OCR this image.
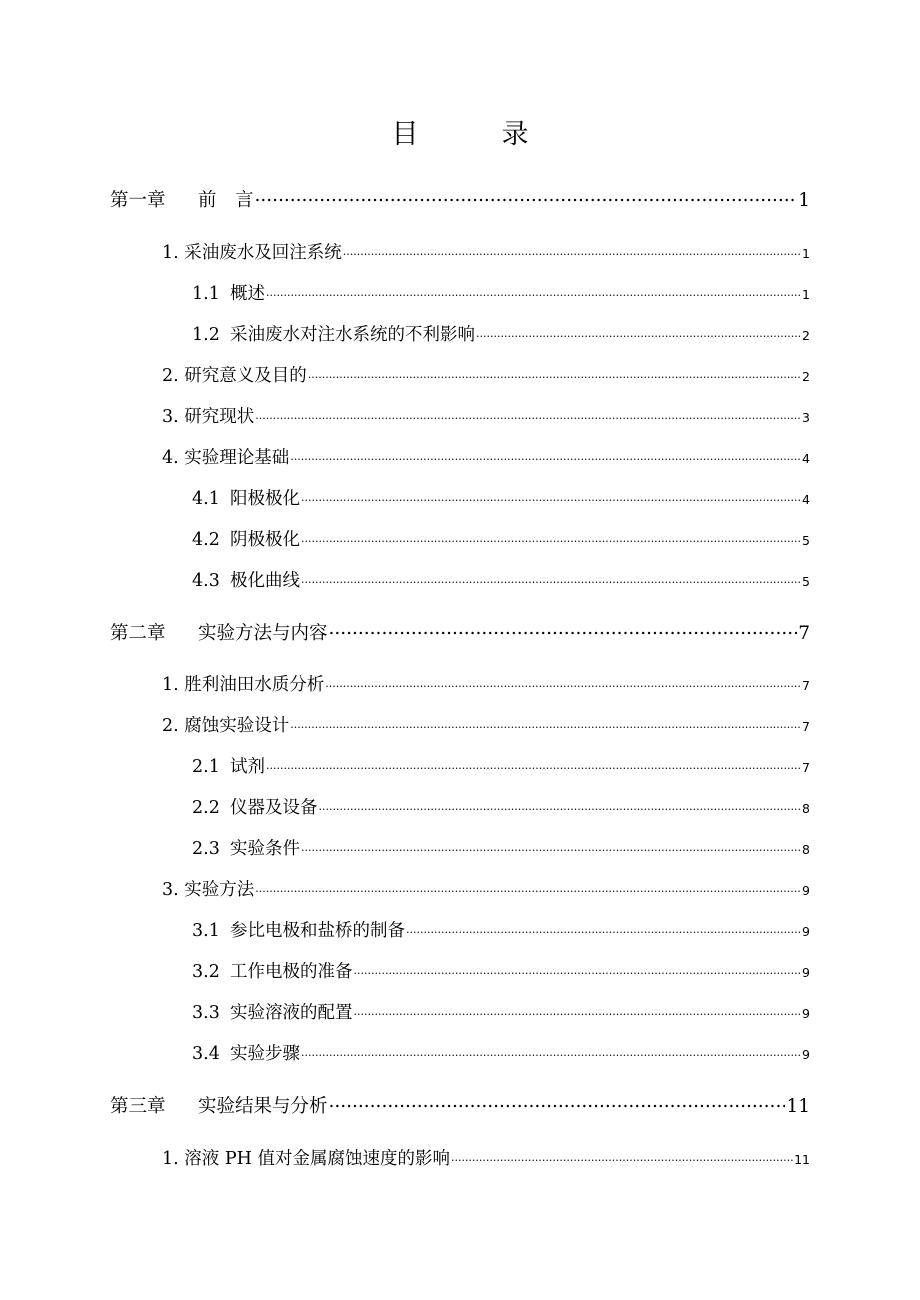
目　录
第一章 前　言 .....	1
1. 采油废水及回注系统 .....	1
1.1 概述 .....	1
1.2 采油废水对注水系统的不利影响 .....	2
2. 研究意义及目的 .....	2
3. 研究现状 .....	3
4. 实验理论基础 .....	4
4.1 阳极极化 .....	4
4.2 阴极极化 .....	5
4.3 极化曲线 .....	5
第二章 实验方法与内容 .....	7
1. 胜利油田水质分析 .....	7
2. 腐蚀实验设计 .....	7
2.1 试剂 .....	7
2.2 仪器及设备 .....	8
2.3 实验条件 .....	8
3. 实验方法 .....	9
3.1 参比电极和盐桥的制备 .....	9
3.2 工作电极的准备 .....	9
3.3 实验溶液的配置 .....	9
3.4 实验步骤 .....	9
第三章 实验结果与分析 .....	11
1. 溶液 PH 值对金属腐蚀速度的影响 .....	11
